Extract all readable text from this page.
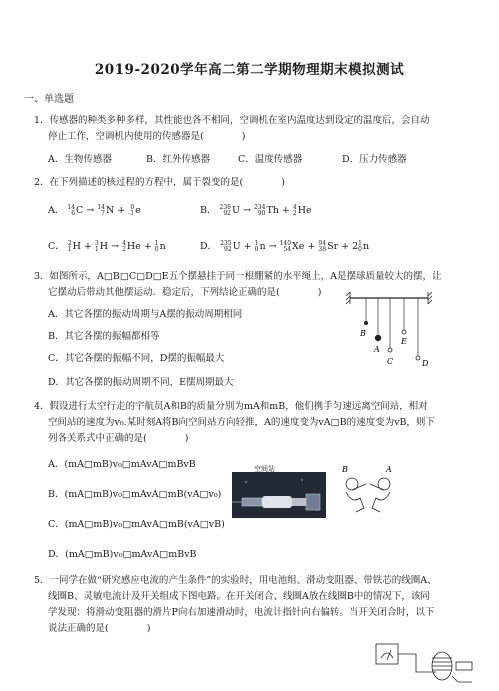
2019-2020学年高二第二学期物理期末模拟测试
一、单选题
1．传感器的种类多种多样，其性能也各不相同，空调机在室内温度达到设定的温度后，会自动
停止工作，空调机内使用的传感器是(　　　　)
A．生物传感器	B．红外传感器	C．温度传感器	D．压力传感器
2．在下列描述的核过程的方程中，属于裂变的是(　　　　)
A． 14
6 C → 14
7 N + 0
-1 e	B． 238
92 U → 234
90 Th + 4
2 He
C． 2
1 H + 3
1 H → 4
2 He + 1
0 n	D． 235
92 U + 1
0 n → 140
54 Xe + 94
38 Sr + 2 1
0 n
3．如图所示，A□B□C□D□E五个摆悬挂于同一根绷紧的水平绳上，A是摆球质量较大的摆，让
它摆动后带动其他摆运动．稳定后，下列结论正确的是(　　　　)
A．其它各摆的振动周期与A摆的振动周期相同
B．其它各摆的振幅都相等
C．其它各摆的振幅不同，D摆的振幅最大
D．其它各摆的振动周期不同，E摆周期最大
B
A
E
C	D
4．假设进行太空行走的宇航员A和B的质量分别为mA和mB，他们携手匀速远离空间站，相对
空间站的速度为v₀.某时刻A将B向空间站方向轻推，A的速度变为vA□B的速度变为vB，则下
列各关系式中正确的是(　　　　)
A．(mA□mB)v₀□mAvA□mBvB
B．(mA□mB)v₀□mAvA□mB(vA□v₀)
C．(mA□mB)v₀□mAvA□mB(vA□vB)
D．(mA□mB)v₀□mAvA□mBvB
空间站	B	A
5．一同学在做“研究感应电流的产生条件”的实验时，用电池组、滑动变阻器、带铁芯的线圈A、
线圈B、灵敏电流计及开关组成下图电路。在开关闭合、线圈A放在线圈B中的情况下，该同
学发现：将滑动变阻器的滑片P向右加速滑动时，电流计指针向右偏转。当开关闭合时，以下
说法正确的是(　　　　)
